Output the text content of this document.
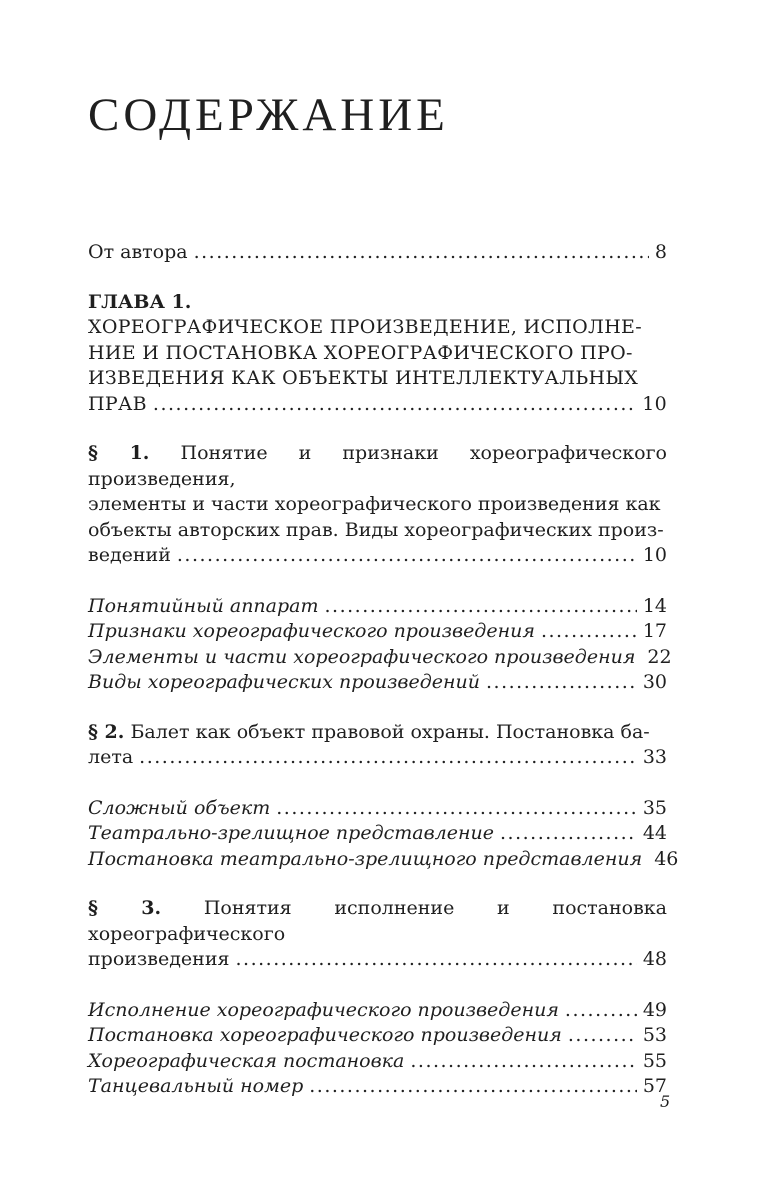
СОДЕРЖАНИЕ
От автора .....	8
ГЛАВА 1.
ХОРЕОГРАФИЧЕСКОЕ ПРОИЗВЕДЕНИЕ, ИСПОЛНЕ-
НИЕ И ПОСТАНОВКА ХОРЕОГРАФИЧЕСКОГО ПРО-
ИЗВЕДЕНИЯ КАК ОБЪЕКТЫ ИНТЕЛЛЕКТУАЛЬНЫХ
ПРАВ .....	10
§ 1. Понятие и признаки хореографического произведения,
элементы и части хореографического произведения как
объекты авторских прав. Виды хореографических произ-
ведений .....	10
Понятийный аппарат .....	14
Признаки хореографического произведения .....	17
Элементы и части хореографического произведения 22
Виды хореографических произведений .....	30
§ 2. Балет как объект правовой охраны. Постановка ба-
лета .....	33
Сложный объект .....	35
Театрально-зрелищное представление .....	44
Постановка театрально-зрелищного представления 46
§ 3. Понятия исполнение и постановка хореографического
произведения .....	48
Исполнение хореографического произведения .....	49
Постановка хореографического произведения .....	53
Хореографическая постановка .....	55
Танцевальный номер .....	57
5
